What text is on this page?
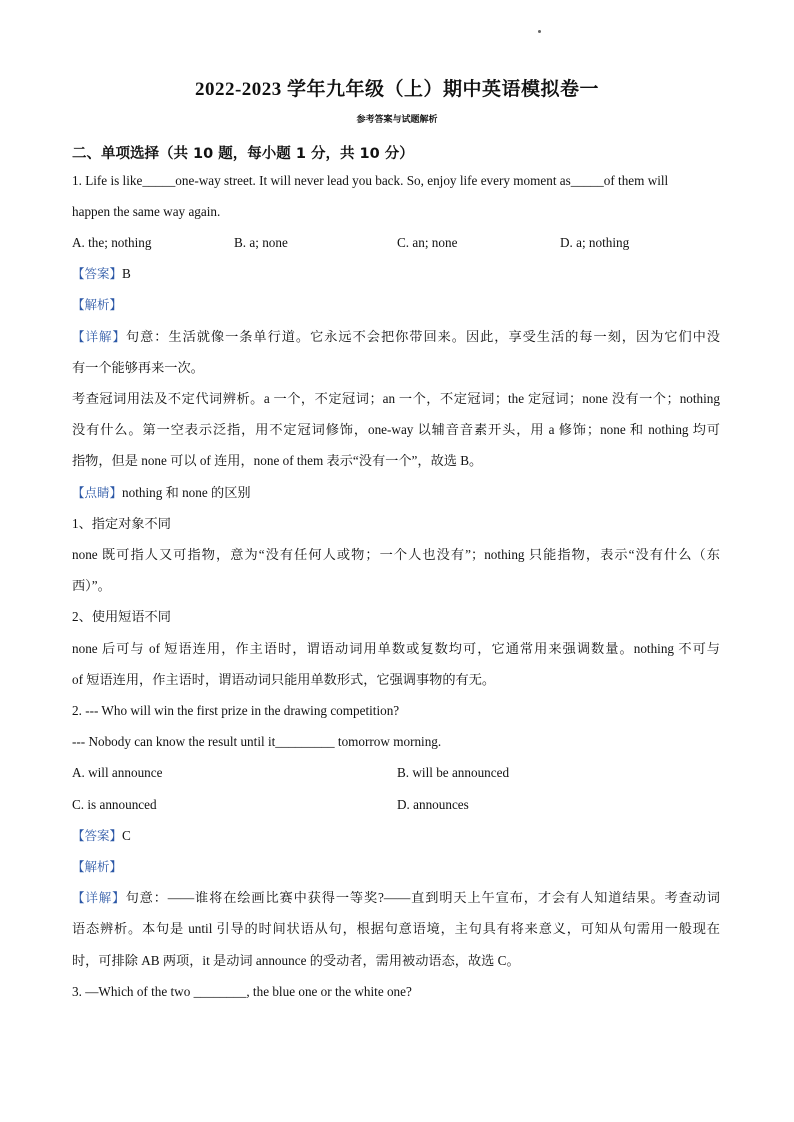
2022-2023 学年九年级（上）期中英语模拟卷一
参考答案与试题解析
二、单项选择（共 10 题，每小题 1 分，共 10 分）
1. Life is like_____one-way street. It will never lead you back. So, enjoy life every moment as_____of them will
happen the same way again.
A. the; nothing	B. a; none	C. an; none	D. a; nothing
【答案】B
【解析】
【详解】句意：生活就像一条单行道。它永远不会把你带回来。因此，享受生活的每一刻，因为它们中没
有一个能够再来一次。
考查冠词用法及不定代词辨析。a 一个，不定冠词；an 一个，不定冠词；the 定冠词；none 没有一个；nothing
没有什么。第一空表示泛指，用不定冠词修饰，one-way 以辅音音素开头，用 a 修饰；none 和 nothing 均可
指物，但是 none 可以 of 连用，none of them 表示“没有一个”，故选 B。
【点睛】nothing 和 none 的区别
1、指定对象不同
none 既可指人又可指物，意为“没有任何人或物；一个人也没有”；nothing 只能指物，表示“没有什么（东
西）”。
2、使用短语不同
none 后可与 of 短语连用，作主语时，谓语动词用单数或复数均可，它通常用来强调数量。nothing 不可与
of 短语连用，作主语时，谓语动词只能用单数形式，它强调事物的有无。
2. --- Who will win the first prize in the drawing competition?
--- Nobody can know the result until it_________ tomorrow morning.
A. will announce	B. will be announced
C. is announced	D. announces
【答案】C
【解析】
【详解】句意：——谁将在绘画比赛中获得一等奖?——直到明天上午宣布，才会有人知道结果。考查动词
语态辨析。本句是 until 引导的时间状语从句，根据句意语境，主句具有将来意义，可知从句需用一般现在
时，可排除 AB 两项，it 是动词 announce 的受动者，需用被动语态，故选 C。
3. —Which of the two ________, the blue one or the white one?
